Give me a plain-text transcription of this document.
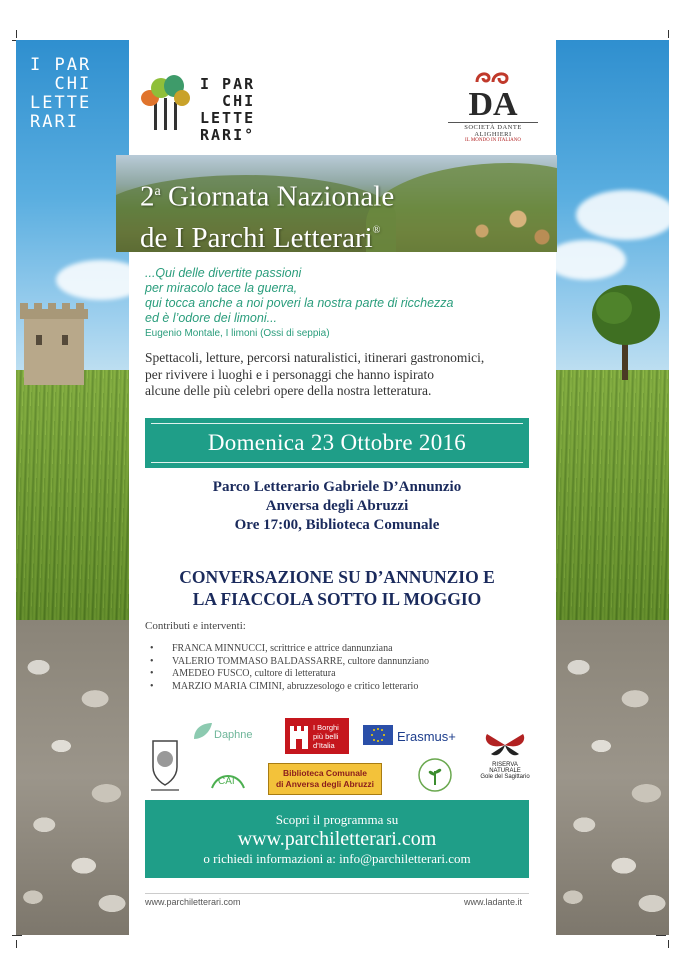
I PAR
CHI
LETTE
RARI
I PAR
CHI
LETTE
RARI°
DA
SOCIETÀ DANTE ALIGHIERI
IL MONDO IN ITALIANO
2$^a$ Giornata Nazionale
de I Parchi Letterari®
...Qui delle divertite passioni
per miracolo tace la guerra,
qui tocca anche a noi poveri la nostra parte di ricchezza
ed è l’odore dei limoni...
Eugenio Montale, I limoni (Ossi di seppia)
Spettacoli, letture, percorsi naturalistici, itinerari gastronomici,
per rivivere i luoghi e i personaggi che hanno ispirato
alcune delle più celebri opere della nostra letteratura.
Domenica 23 Ottobre 2016
Parco Letterario Gabriele D’Annunzio
Anversa degli Abruzzi
Ore 17:00, Biblioteca Comunale
CONVERSAZIONE SU D’ANNUNZIO E
LA FIACCOLA SOTTO IL MOGGIO
Contributi e interventi:
• FRANCA MINNUCCI, scrittrice e attrice dannunziana
• VALERIO TOMMASO BALDASSARRE, cultore dannunziano
• AMEDEO FUSCO, cultore di letteratura
• MARZIO MARIA CIMINI, abruzzesologo e critico letterario
Daphne
I Borghi
più belli
d’Italia
Erasmus+
RISERVA NATURALE
Gole del Sagittario
CAI
Biblioteca Comunale
di Anversa degli Abruzzi
Scopri il programma su
www.parchiletterari.com
o richiedi informazioni a: info@parchiletterari.com
www.parchiletterari.com	www.ladante.it
